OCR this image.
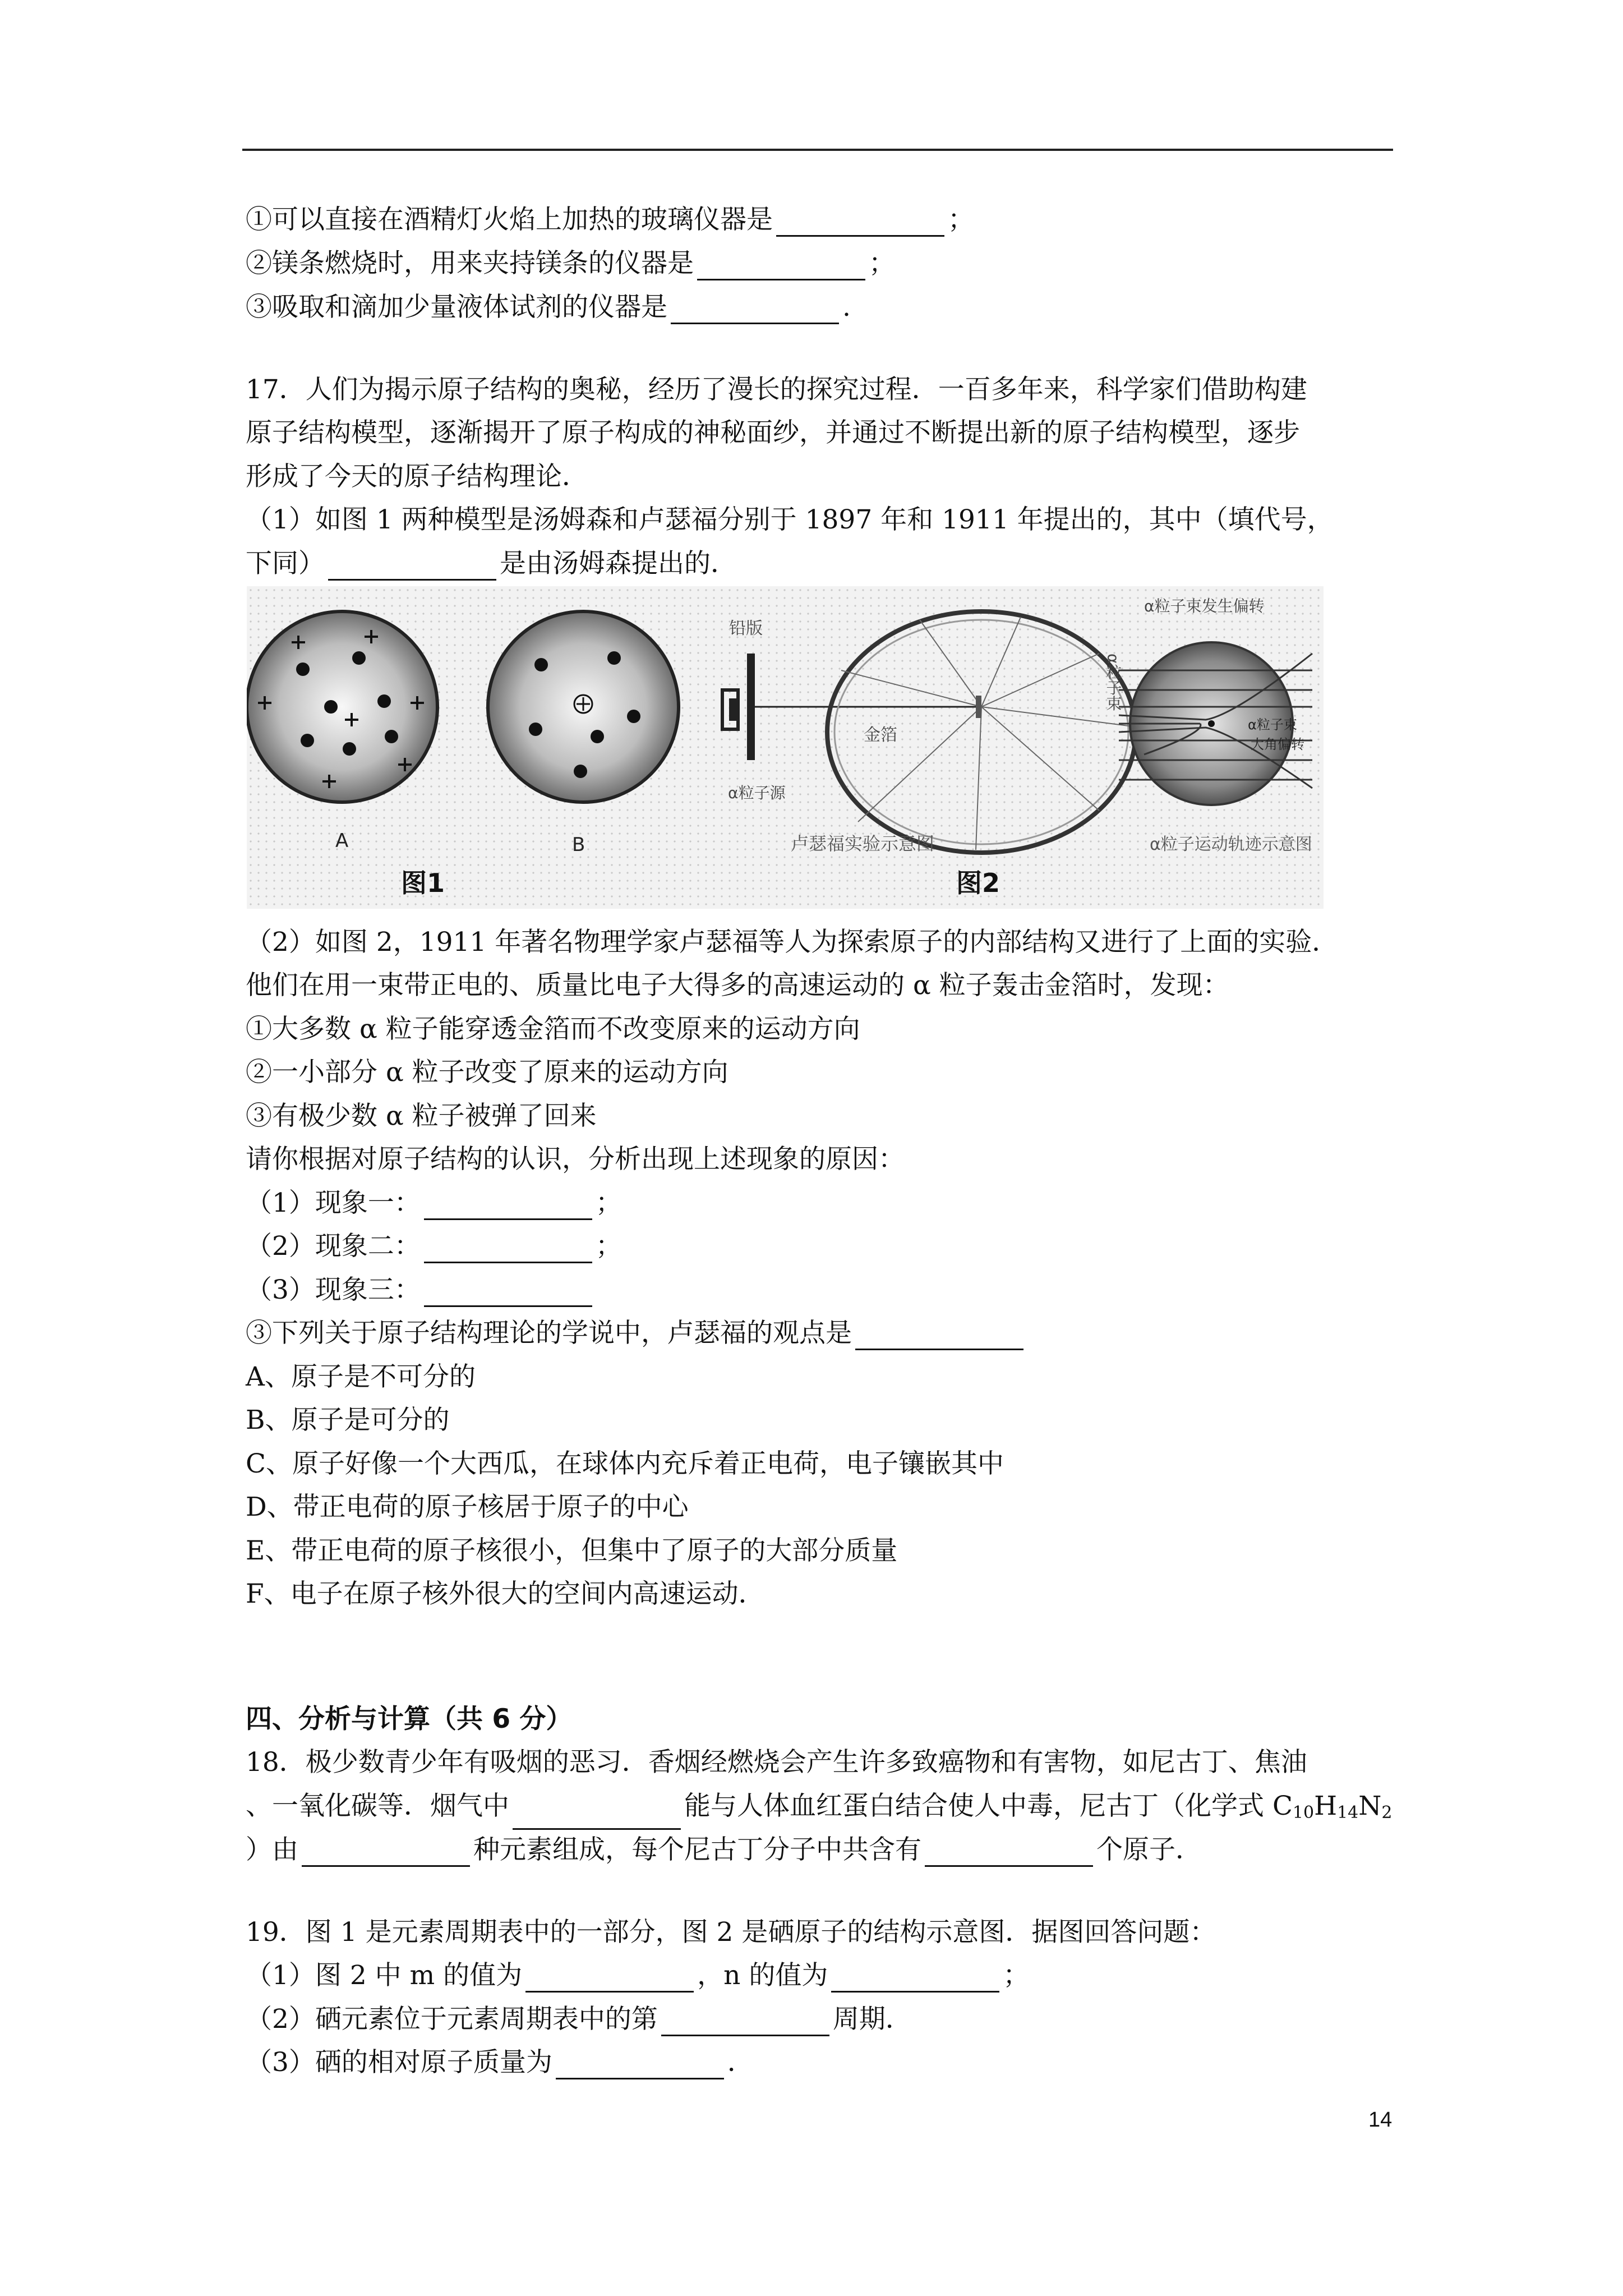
①可以直接在酒精灯火焰上加热的玻璃仪器是	；
②镁条燃烧时，用来夹持镁条的仪器是	；
③吸取和滴加少量液体试剂的仪器是	.
17．人们为揭示原子结构的奥秘，经历了漫长的探究过程．一百多年来，科学家们借助构建
原子结构模型，逐渐揭开了原子构成的神秘面纱，并通过不断提出新的原子结构模型，逐步
形成了今天的原子结构理论．
（1）如图 1 两种模型是汤姆森和卢瑟福分别于 1897 年和 1911 年提出的，其中（填代号，
下同）	是由汤姆森提出的．
A
图1
B
铅版
金箔
α粒子源
卢瑟福实验示意图
图2
α粒子束发生偏转
α粒子束
α粒子束
大角偏转
α粒子运动轨迹示意图
（2）如图 2，1911 年著名物理学家卢瑟福等人为探索原子的内部结构又进行了上面的实验．
他们在用一束带正电的、质量比电子大得多的高速运动的 α 粒子轰击金箔时，发现：
①大多数 α 粒子能穿透金箔而不改变原来的运动方向
②一小部分 α 粒子改变了原来的运动方向
③有极少数 α 粒子被弹了回来
请你根据对原子结构的认识，分析出现上述现象的原因：
（1）现象一：	；
（2）现象二：	；
（3）现象三：
③下列关于原子结构理论的学说中，卢瑟福的观点是
A、原子是不可分的
B、原子是可分的
C、原子好像一个大西瓜，在球体内充斥着正电荷，电子镶嵌其中
D、带正电荷的原子核居于原子的中心
E、带正电荷的原子核很小，但集中了原子的大部分质量
F、电子在原子核外很大的空间内高速运动．
四、分析与计算（共 6 分）
18．极少数青少年有吸烟的恶习．香烟经燃烧会产生许多致癌物和有害物，如尼古丁、焦油
、一氧化碳等．烟气中	能与人体血红蛋白结合使人中毒，尼古丁（化学式 $C_{10}H_{14}N_2$
）由	种元素组成，每个尼古丁分子中共含有	个原子．
19．图 1 是元素周期表中的一部分，图 2 是硒原子的结构示意图．据图回答问题：
（1）图 2 中 m 的值为	，n 的值为	；
（2）硒元素位于元素周期表中的第	周期．
（3）硒的相对原子质量为	．
14
